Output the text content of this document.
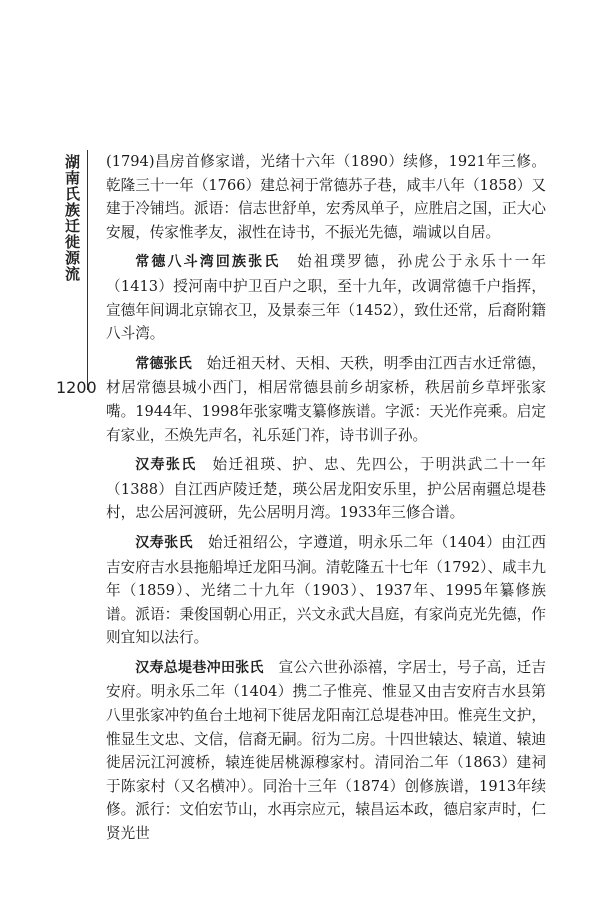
湖南氏族迁徙源流
1200

(1794)昌房首修家谱，光绪十六年（1890）续修，1921年三修。乾隆三十一年（1766）建总祠于常德苏子巷，咸丰八年（1858）又建于冷铺垱。派语：信志世舒单，宏秀凤单子，应胜启之国，正大心安履，传家惟孝友，淑性在诗书，不振光先德，端诚以自居。

常德八斗湾回族张氏　 始祖璞罗德，孙虎公于永乐十一年（1413）授河南中护卫百户之职，至十九年，改调常德千户指挥，宣德年间调北京锦衣卫，及景泰三年（1452），致仕还常，后裔附籍八斗湾。

常德张氏　 始迁祖天材、天相、天秩，明季由江西吉水迁常德，材居常德县城小西门，相居常德县前乡胡家桥，秩居前乡草坪张家嘴。1944年、1998年张家嘴支纂修族谱。字派：天光作亮乘。启定有家业，丕焕先声名，礼乐延门祚，诗书训子孙。

汉寿张氏　 始迁祖瑛、护、忠、先四公，于明洪武二十一年（1388）自江西庐陵迁楚，瑛公居龙阳安乐里，护公居南疆总堤巷村，忠公居河渡研，先公居明月湾。1933年三修合谱。

汉寿张氏　 始迁祖绍公，字遵道，明永乐二年（1404）由江西吉安府吉水县拖船埠迁龙阳马涧。清乾隆五十七年（1792）、咸丰九年（1859）、光绪二十九年（1903）、1937年、1995年纂修族谱。派语：秉俊国朝心用正，兴文永武大昌庭，有家尚克光先德，作则宜知以法行。

汉寿总堤巷冲田张氏　 宣公六世孙添禧，字居士，号子高，迁吉安府。明永乐二年（1404）携二子惟亮、惟显又由吉安府吉水县第八里张家冲钓鱼台土地祠下徙居龙阳南江总堤巷冲田。惟亮生文护，惟显生文忠、文信，信裔无嗣。衍为二房。十四世辕达、辕道、辕迪徙居沅江河渡桥，辕连徙居桃源穆家村。清同治二年（1863）建祠于陈家村（又名横冲）。同治十三年（1874）创修族谱，1913年续修。派行：文伯宏节山，水再宗应元，辕昌运本政，德启家声时，仁贤光世
